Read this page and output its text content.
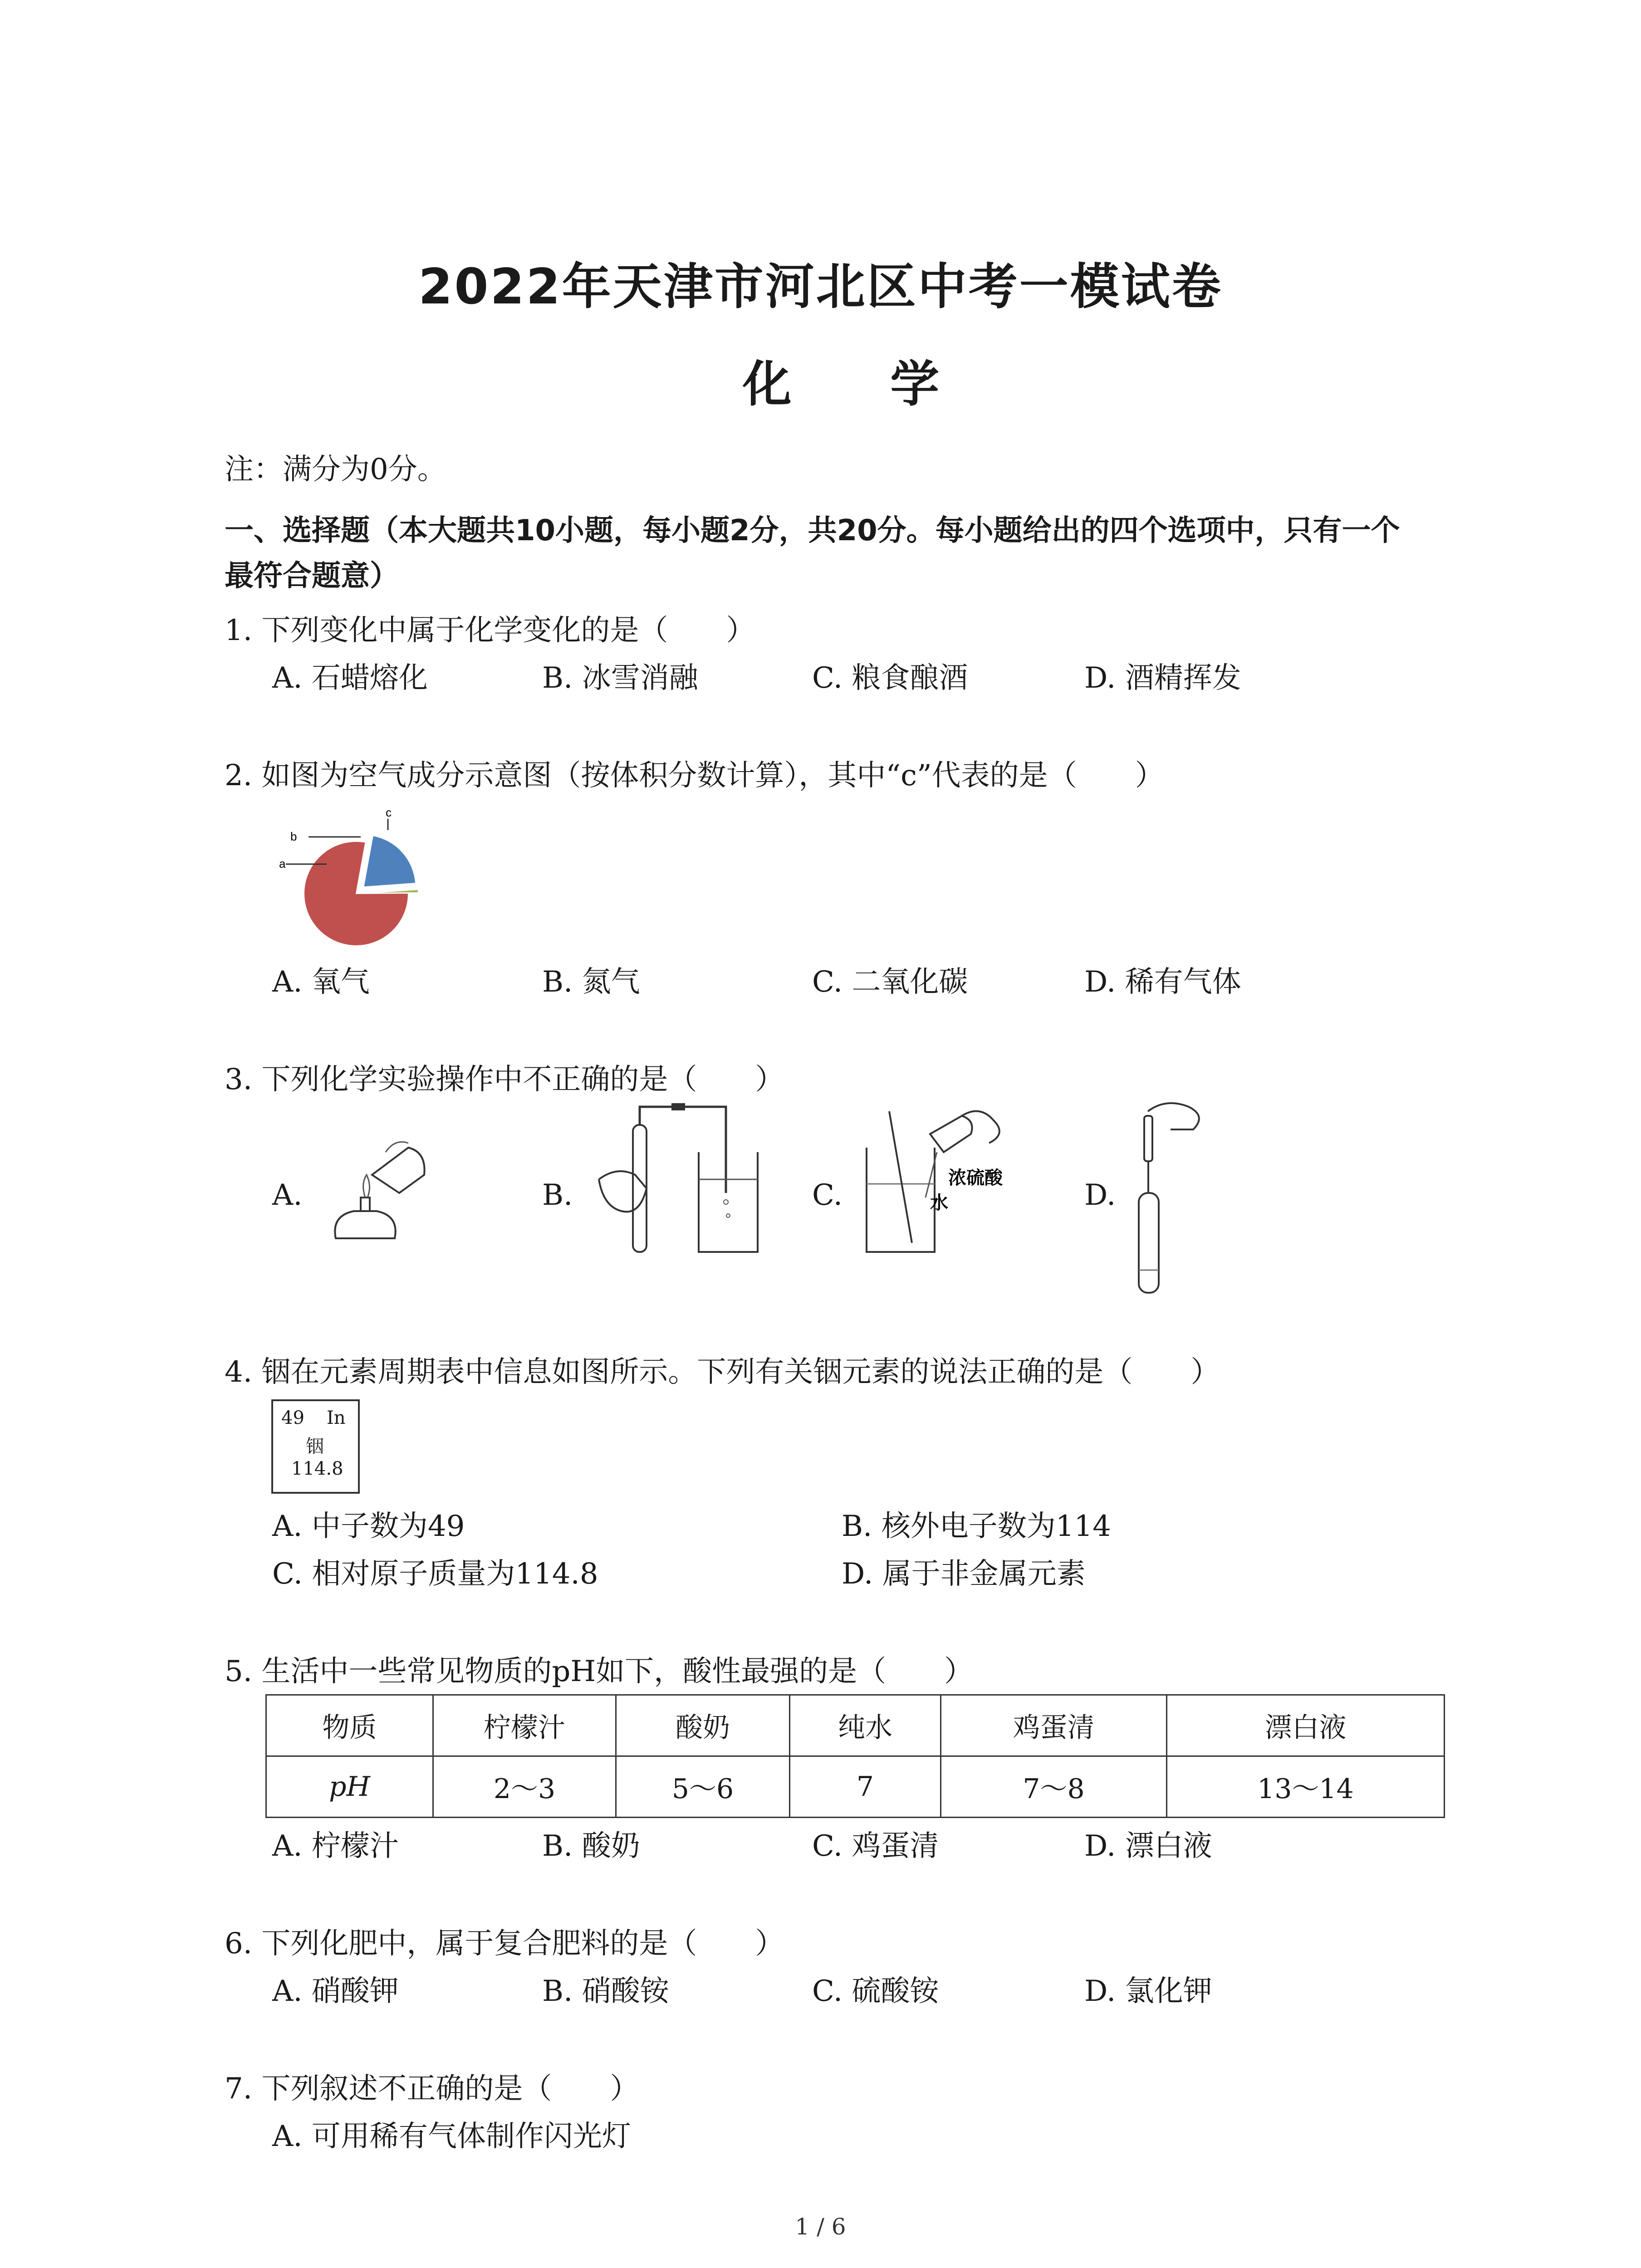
2022年天津市河北区中考一模试卷
化 学
注：满分为0分。
一、选择题（本大题共10小题，每小题2分，共20分。每小题给出的四个选项中，只有一个
最符合题意）
1. 下列变化中属于化学变化的是（　　）
A. 石蜡熔化	B. 冰雪消融	C. 粮食酿酒	D. 酒精挥发
2. 如图为空气成分示意图（按体积分数计算），其中“c”代表的是（　　）
a
b
c
A. 氧气	B. 氮气	C. 二氧化碳	D. 稀有气体
3. 下列化学实验操作中不正确的是（　　）
A.	B.	C.	D.
浓硫酸
水
4. 铟在元素周期表中信息如图所示。下列有关铟元素的说法正确的是（　　）
49 In
铟
114.8
A. 中子数为49	B. 核外电子数为114
C. 相对原子质量为114.8	D. 属于非金属元素
5. 生活中一些常见物质的pH如下，酸性最强的是（　　）
物质	柠檬汁	酸奶	纯水	鸡蛋清	漂白液
pH	2～3	5～6	7	7～8	13～14
A. 柠檬汁	B. 酸奶	C. 鸡蛋清	D. 漂白液
6. 下列化肥中，属于复合肥料的是（　　）
A. 硝酸钾	B. 硝酸铵	C. 硫酸铵	D. 氯化钾
7. 下列叙述不正确的是（　　）
A. 可用稀有气体制作闪光灯
1 / 6
